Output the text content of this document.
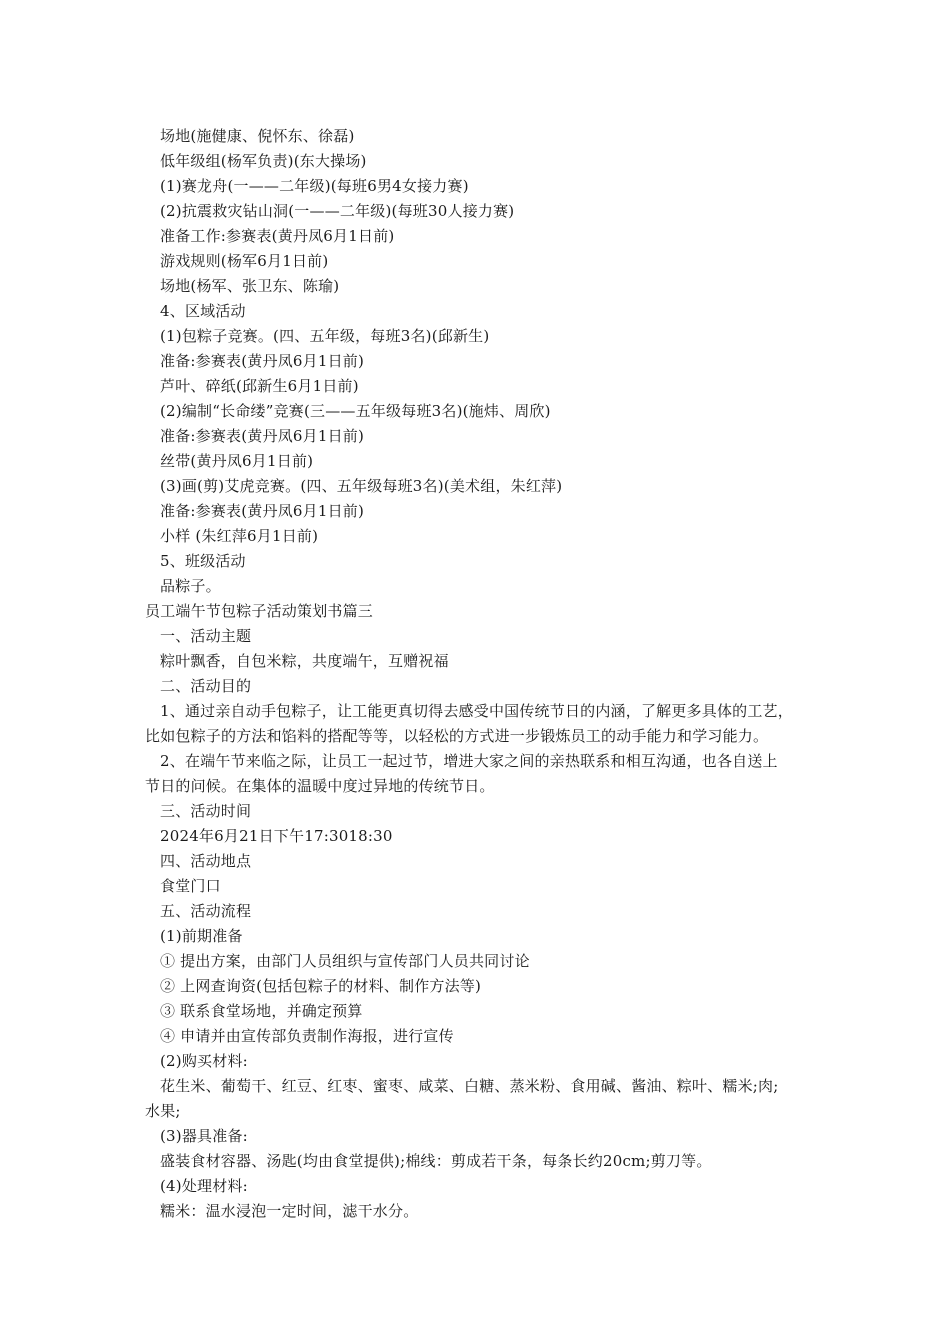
场地(施健康、倪怀东、徐磊)
低年级组(杨军负责)(东大操场)
(1)赛龙舟(一——二年级)(每班6男4女接力赛)
(2)抗震救灾钻山洞(一——二年级)(每班30人接力赛)
准备工作:参赛表(黄丹凤6月1日前)
游戏规则(杨军6月1日前)
场地(杨军、张卫东、陈瑜)
4、区域活动
(1)包粽子竞赛。(四、五年级，每班3名)(邱新生)
准备:参赛表(黄丹凤6月1日前)
芦叶、碎纸(邱新生6月1日前)
(2)编制“长命缕”竞赛(三——五年级每班3名)(施炜、周欣)
准备:参赛表(黄丹凤6月1日前)
丝带(黄丹凤6月1日前)
(3)画(剪)艾虎竞赛。(四、五年级每班3名)(美术组，朱红萍)
准备:参赛表(黄丹凤6月1日前)
小样 (朱红萍6月1日前)
5、班级活动
品粽子。
员工端午节包粽子活动策划书篇三
一、活动主题
粽叶飘香，自包米粽，共度端午，互赠祝福
二、活动目的
1、通过亲自动手包粽子，让工能更真切得去感受中国传统节日的内涵，了解更多具体的工艺，
比如包粽子的方法和馅料的搭配等等，以轻松的方式进一步锻炼员工的动手能力和学习能力。
2、在端午节来临之际，让员工一起过节，增进大家之间的亲热联系和相互沟通，也各自送上
节日的问候。在集体的温暖中度过异地的传统节日。
三、活动时间
2024年6月21日下午17:3018:30
四、活动地点
食堂门口
五、活动流程
(1)前期准备
① 提出方案，由部门人员组织与宣传部门人员共同讨论
② 上网查询资(包括包粽子的材料、制作方法等)
③ 联系食堂场地，并确定预算
④ 申请并由宣传部负责制作海报，进行宣传
(2)购买材料:
花生米、葡萄干、红豆、红枣、蜜枣、咸菜、白糖、蒸米粉、食用碱、酱油、粽叶、糯米;肉;
水果;
(3)器具准备:
盛装食材容器、汤匙(均由食堂提供);棉线：剪成若干条，每条长约20cm;剪刀等。
(4)处理材料:
糯米：温水浸泡一定时间，滤干水分。
